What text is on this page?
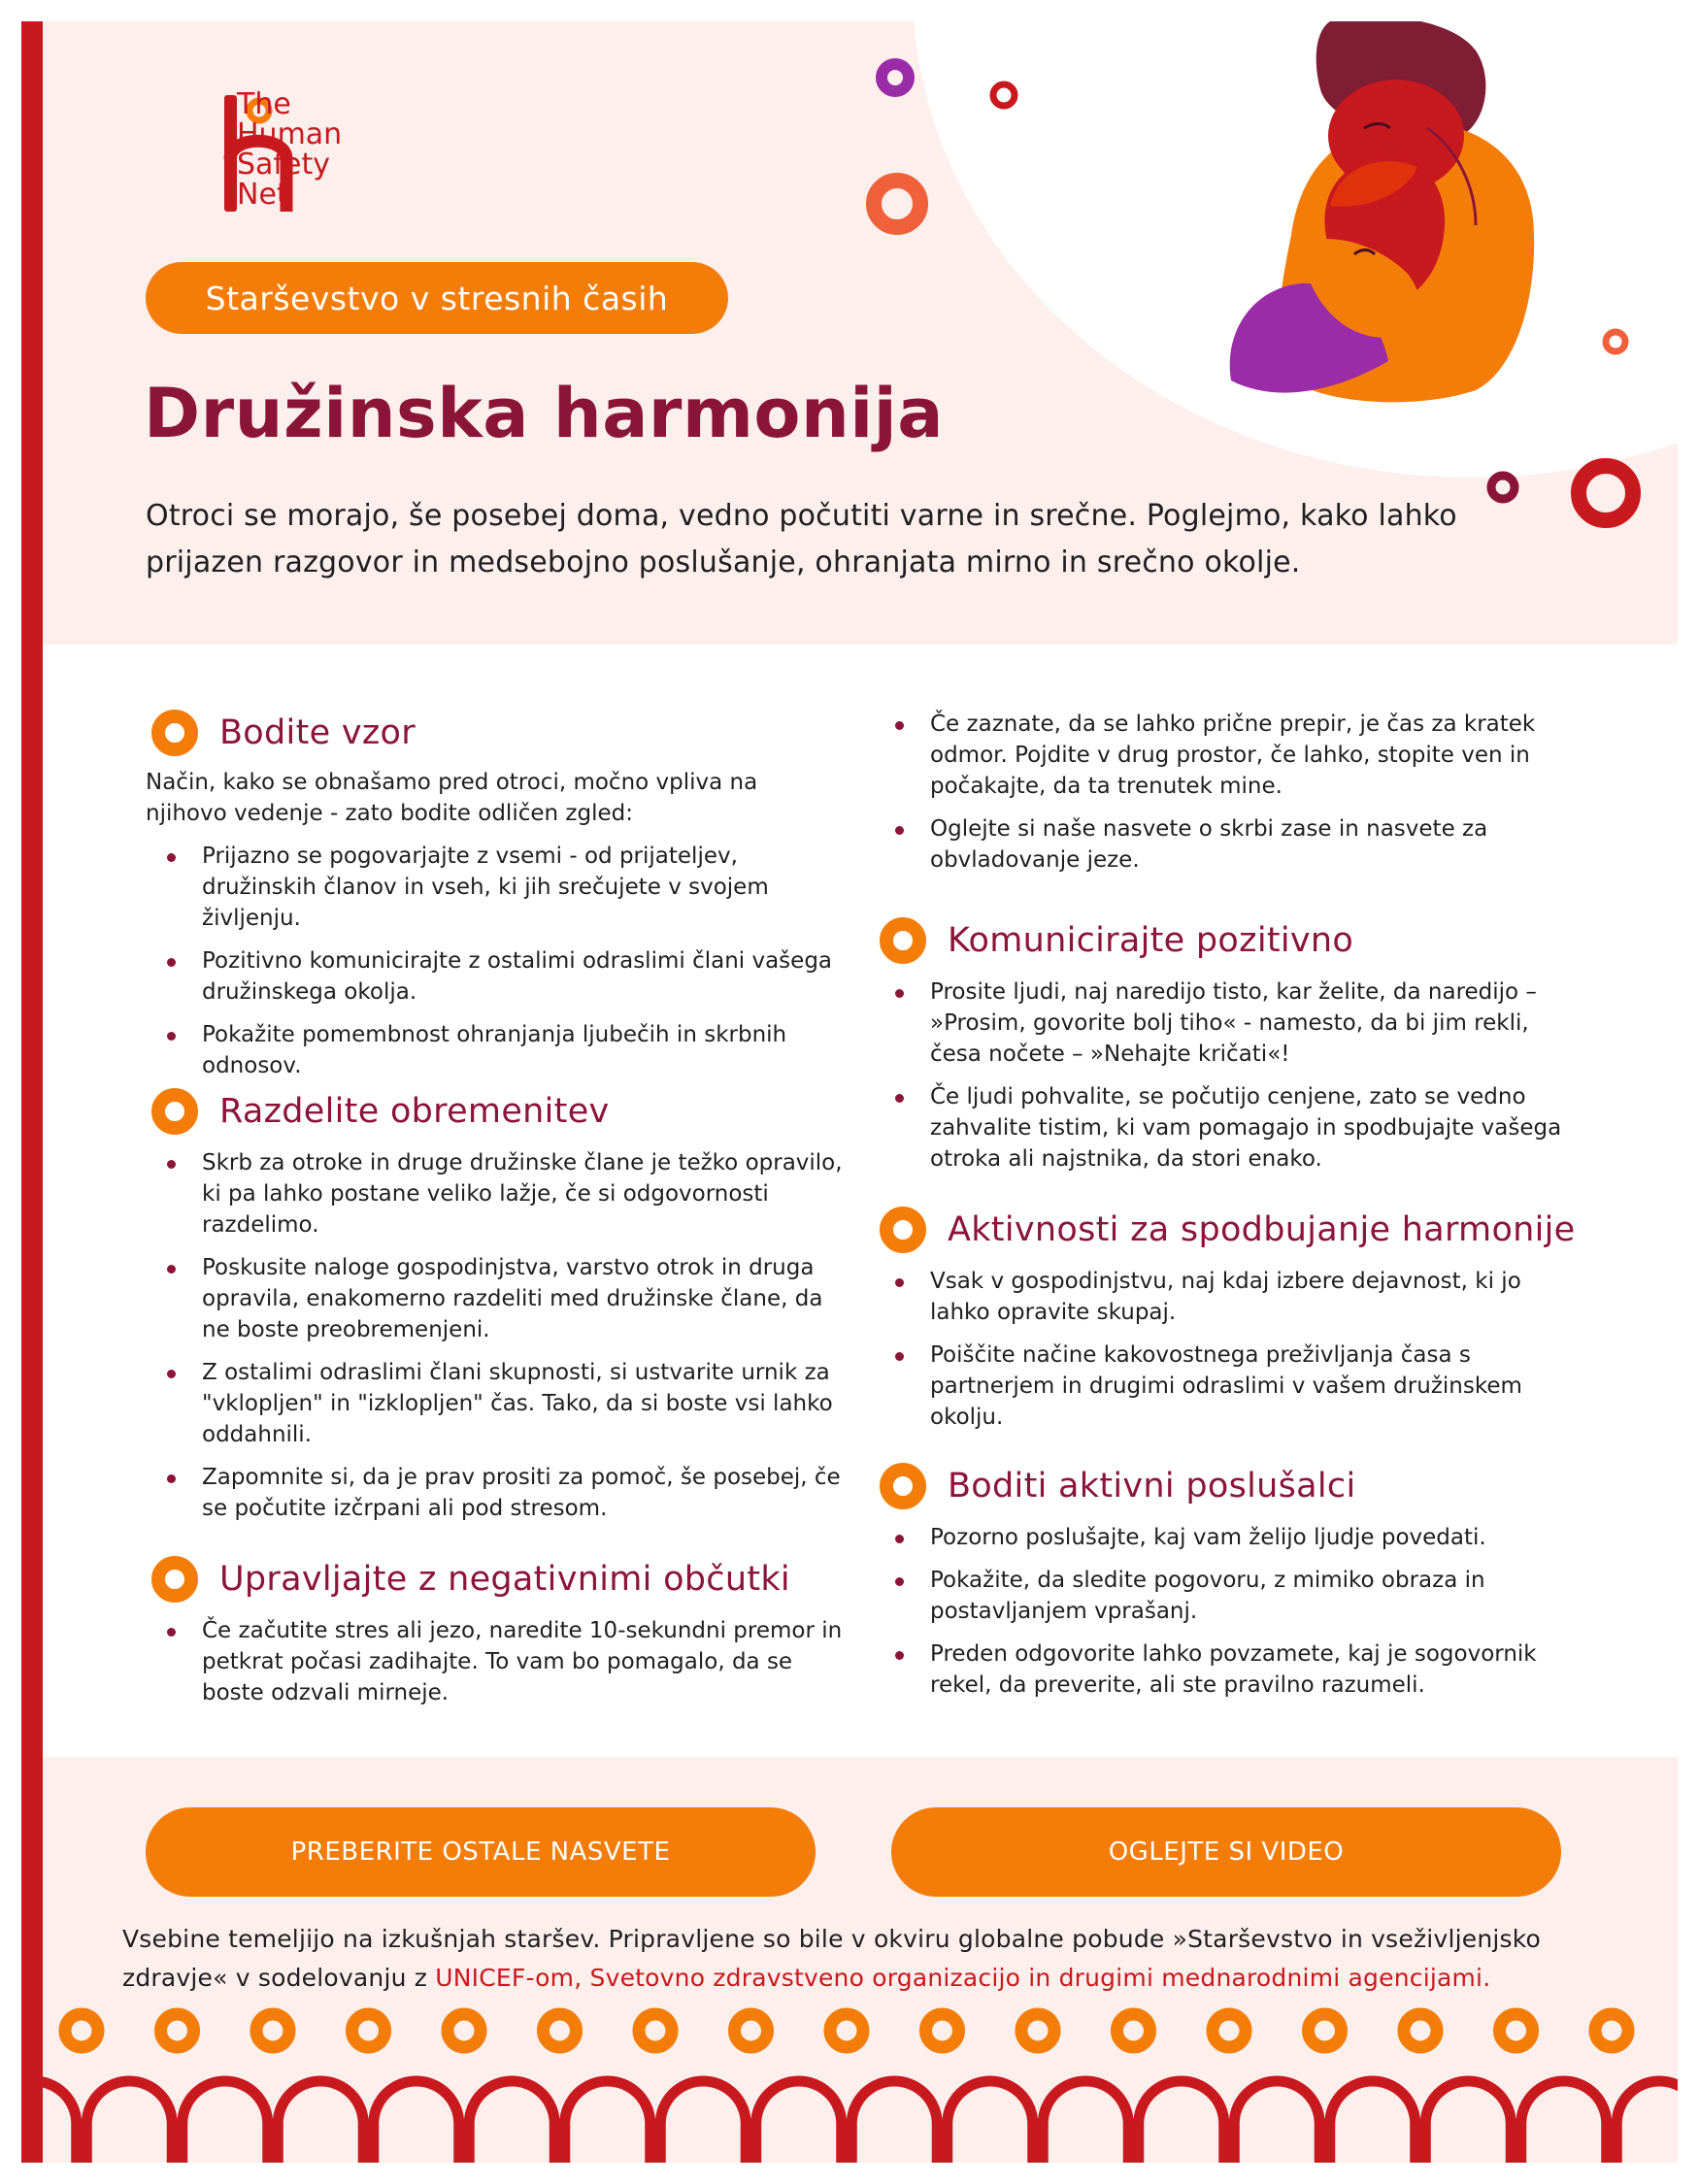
The
Human
Safety
Net
Starševstvo v stresnih časih
Družinska harmonija
Otroci se morajo, še posebej doma, vedno počutiti varne in srečne. Poglejmo, kako lahko prijazen razgovor in medsebojno poslušanje, ohranjata mirno in srečno okolje.
Bodite vzor

Način, kako se obnašamo pred otroci, močno vpliva na njihovo vedenje - zato bodite odličen zgled:

Prijazno se pogovarjajte z vsemi - od prijateljev, družinskih članov in vseh, ki jih srečujete v svojem življenju.
Pozitivno komunicirajte z ostalimi odraslimi člani vašega družinskega okolja.
Pokažite pomembnost ohranjanja ljubečih in skrbnih odnosov.
Razdelite obremenitev
Skrb za otroke in druge družinske člane je težko opravilo, ki pa lahko postane veliko lažje, če si odgovornosti razdelimo.
Poskusite naloge gospodinjstva, varstvo otrok in druga opravila, enakomerno razdeliti med družinske člane, da ne boste preobremenjeni.
Z ostalimi odraslimi člani skupnosti, si ustvarite urnik za "vklopljen" in "izklopljen" čas. Tako, da si boste vsi lahko oddahnili.
Zapomnite si, da je prav prositi za pomoč, še posebej, če se počutite izčrpani ali pod stresom.
Upravljajte z negativnimi občutki
Če začutite stres ali jezo, naredite 10-sekundni premor in petkrat počasi zadihajte. To vam bo pomagalo, da se boste odzvali mirneje.
Če zaznate, da se lahko prične prepir, je čas za kratek odmor. Pojdite v drug prostor, če lahko, stopite ven in počakajte, da ta trenutek mine.
Oglejte si naše nasvete o skrbi zase in nasvete za obvladovanje jeze.
Komunicirajte pozitivno
Prosite ljudi, naj naredijo tisto, kar želite, da naredijo – »Prosim, govorite bolj tiho« - namesto, da bi jim rekli, česa nočete – »Nehajte kričati«!
Če ljudi pohvalite, se počutijo cenjene, zato se vedno zahvalite tistim, ki vam pomagajo in spodbujajte vašega otroka ali najstnika, da stori enako.
Aktivnosti za spodbujanje harmonije
Vsak v gospodinjstvu, naj kdaj izbere dejavnost, ki jo lahko opravite skupaj.
Poiščite načine kakovostnega preživljanja časa s partnerjem in drugimi odraslimi v vašem družinskem okolju.
Boditi aktivni poslušalci
Pozorno poslušajte, kaj vam želijo ljudje povedati.
Pokažite, da sledite pogovoru, z mimiko obraza in postavljanjem vprašanj.
Preden odgovorite lahko povzamete, kaj je sogovornik rekel, da preverite, ali ste pravilno razumeli.
PREBERITE OSTALE NASVETE	OGLEJTE SI VIDEO

Vsebine temeljijo na izkušnjah staršev. Pripravljene so bile v okviru globalne pobude »Starševstvo in vseživljenjsko zdravje« v sodelovanju z UNICEF-om, Svetovno zdravstveno organizacijo in drugimi mednarodnimi agencijami.
